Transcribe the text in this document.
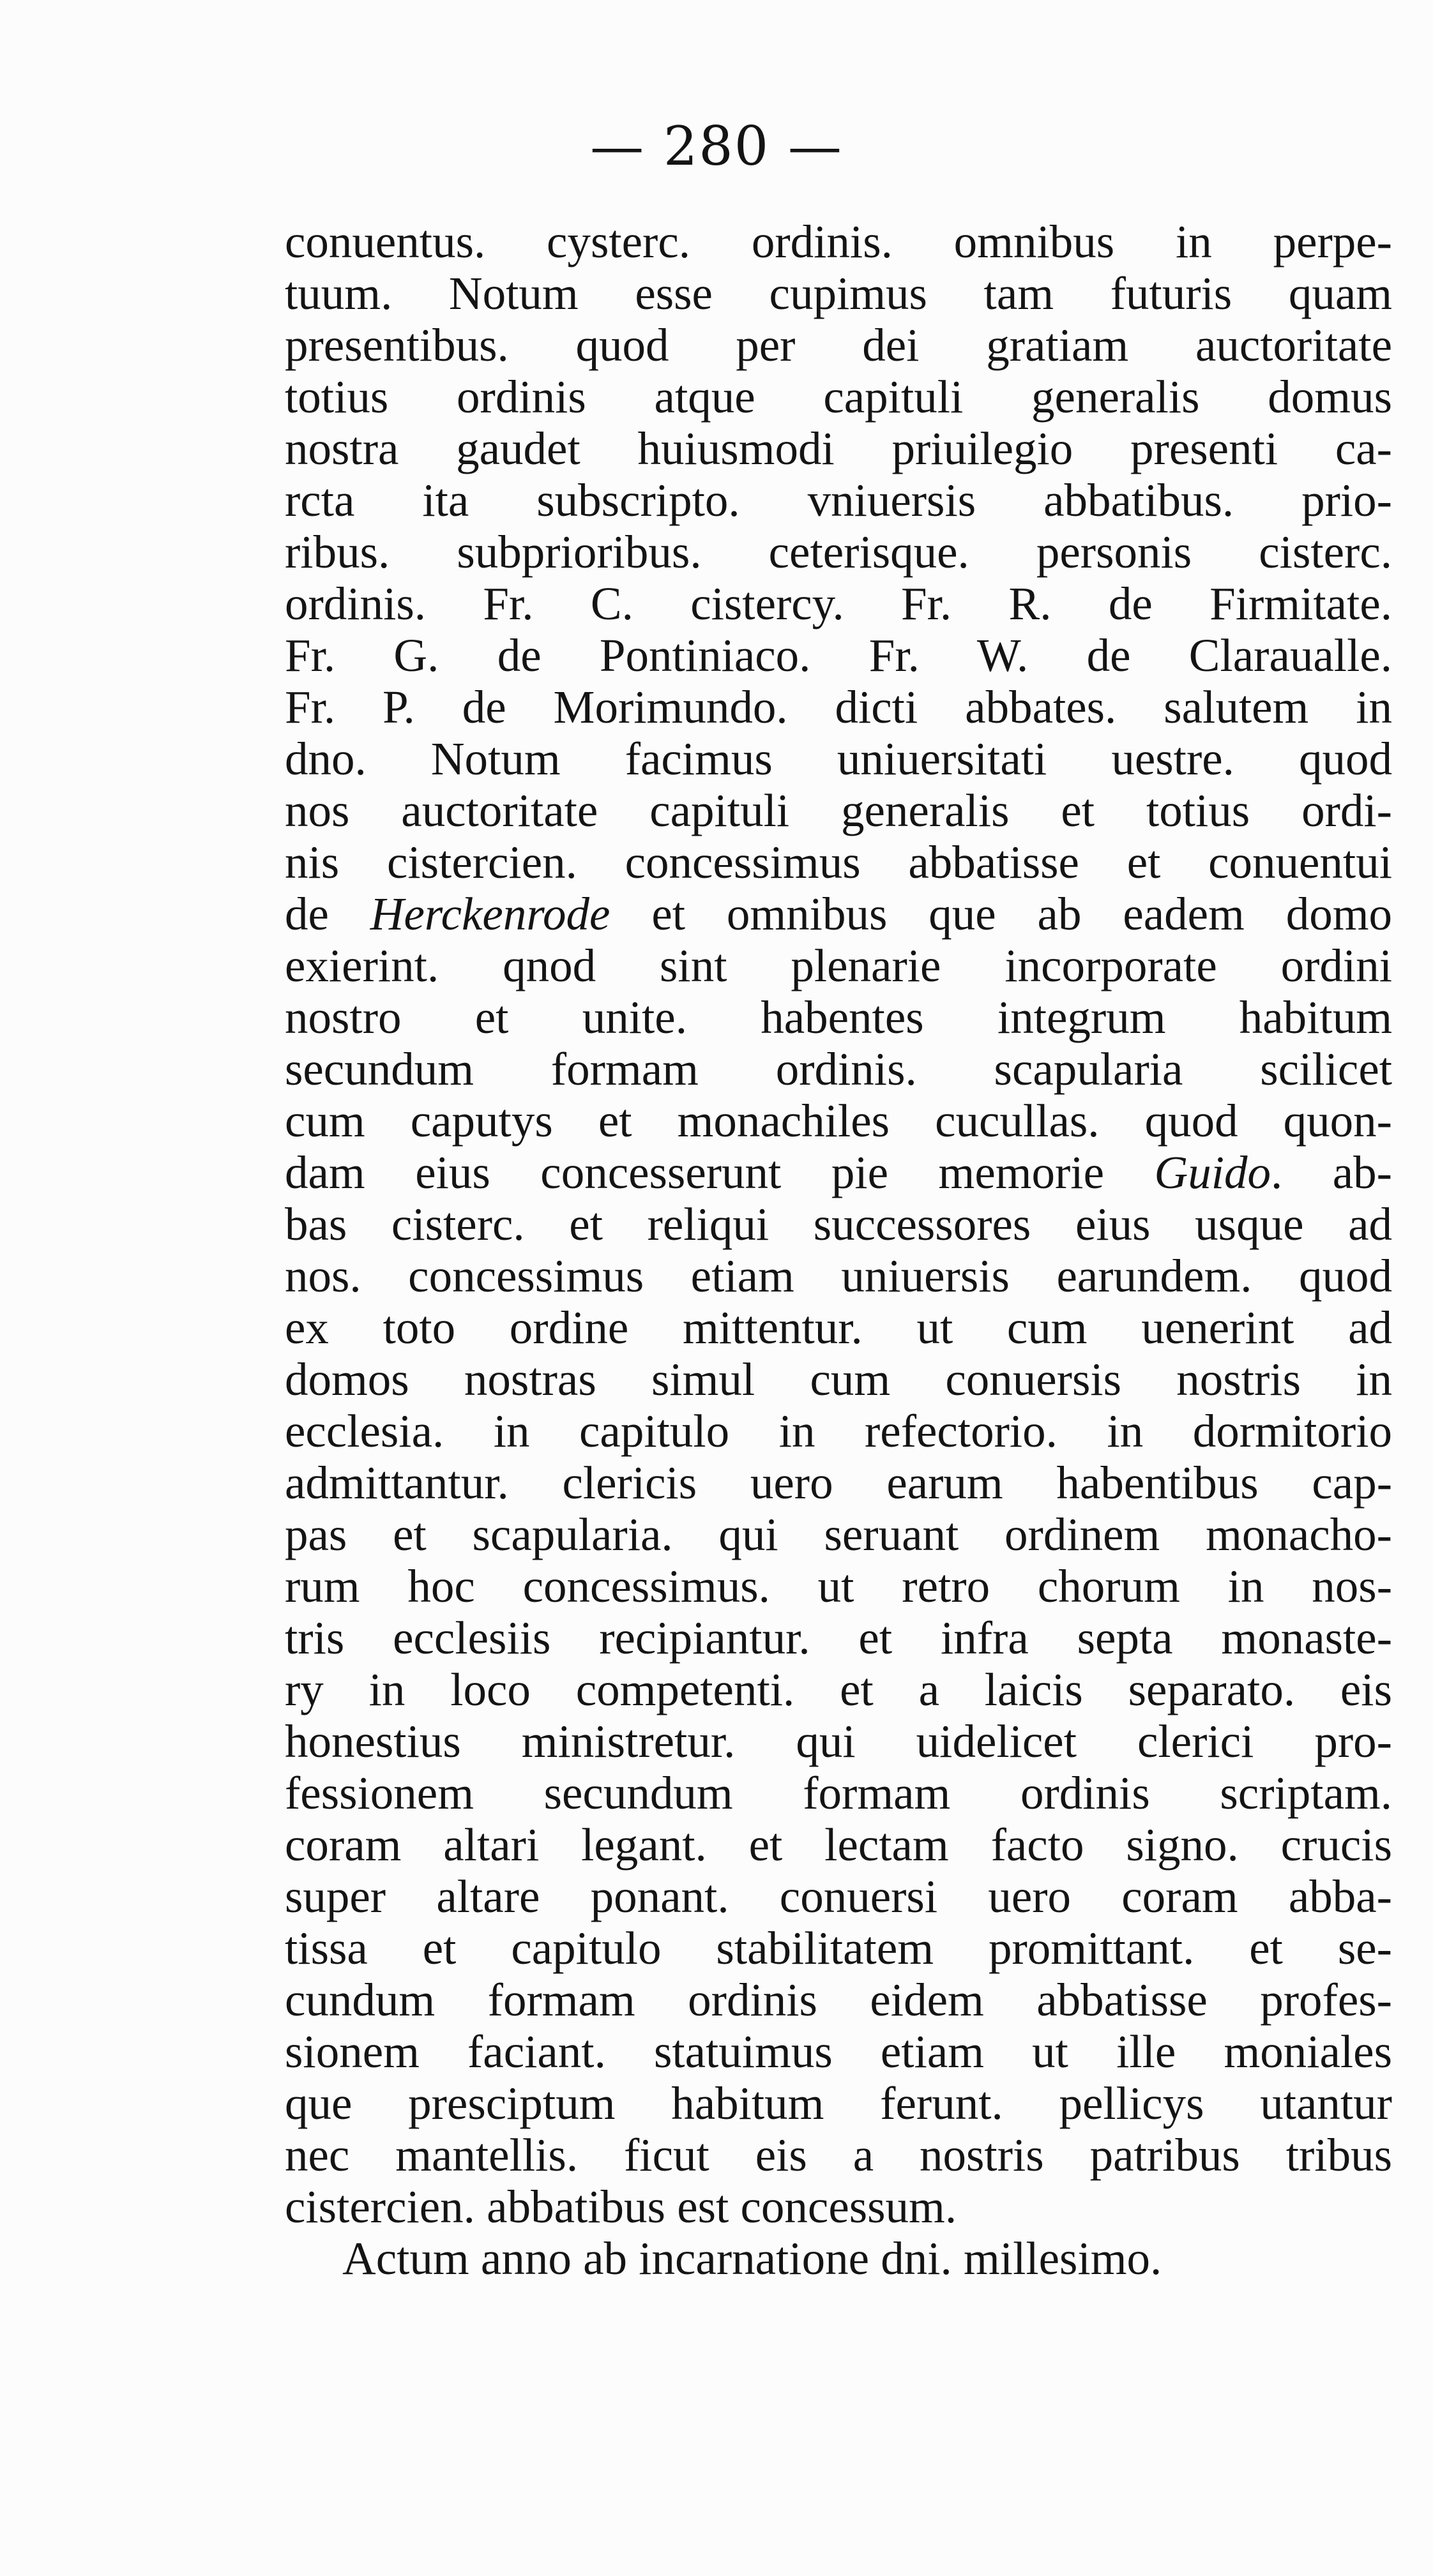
— 280 —
conuentus. cysterc. ordinis. omnibus in perpe-
tuum. Notum esse cupimus tam futuris quam
presentibus. quod per dei gratiam auctoritate
totius ordinis atque capituli generalis domus
nostra gaudet huiusmodi priuilegio presenti ca-
rcta ita subscripto. vniuersis abbatibus. prio-
ribus. subprioribus. ceterisque. personis cisterc.
ordinis. Fr. C. cistercy. Fr. R. de Firmitate.
Fr. G. de Pontiniaco. Fr. W. de Claraualle.
Fr. P. de Morimundo. dicti abbates. salutem in
dno. Notum facimus uniuersitati uestre. quod
nos auctoritate capituli generalis et totius ordi-
nis cistercien. concessimus abbatisse et conuentui
de Herckenrode et omnibus que ab eadem domo
exierint. qnod sint plenarie incorporate ordini
nostro et unite. habentes integrum habitum
secundum formam ordinis. scapularia scilicet
cum caputys et monachiles cucullas. quod quon-
dam eius concesserunt pie memorie Guido. ab-
bas cisterc. et reliqui successores eius usque ad
nos. concessimus etiam uniuersis earundem. quod
ex toto ordine mittentur. ut cum uenerint ad
domos nostras simul cum conuersis nostris in
ecclesia. in capitulo in refectorio. in dormitorio
admittantur. clericis uero earum habentibus cap-
pas et scapularia. qui seruant ordinem monacho-
rum hoc concessimus. ut retro chorum in nos-
tris ecclesiis recipiantur. et infra septa monaste-
ry in loco competenti. et a laicis separato. eis
honestius ministretur. qui uidelicet clerici pro-
fessionem secundum formam ordinis scriptam.
coram altari legant. et lectam facto signo. crucis
super altare ponant. conuersi uero coram abba-
tissa et capitulo stabilitatem promittant. et se-
cundum formam ordinis eidem abbatisse profes-
sionem faciant. statuimus etiam ut ille moniales
que presciptum habitum ferunt. pellicys utantur
nec mantellis. ficut eis a nostris patribus tribus
cistercien. abbatibus est concessum.
Actum anno ab incarnatione dni. millesimo.
